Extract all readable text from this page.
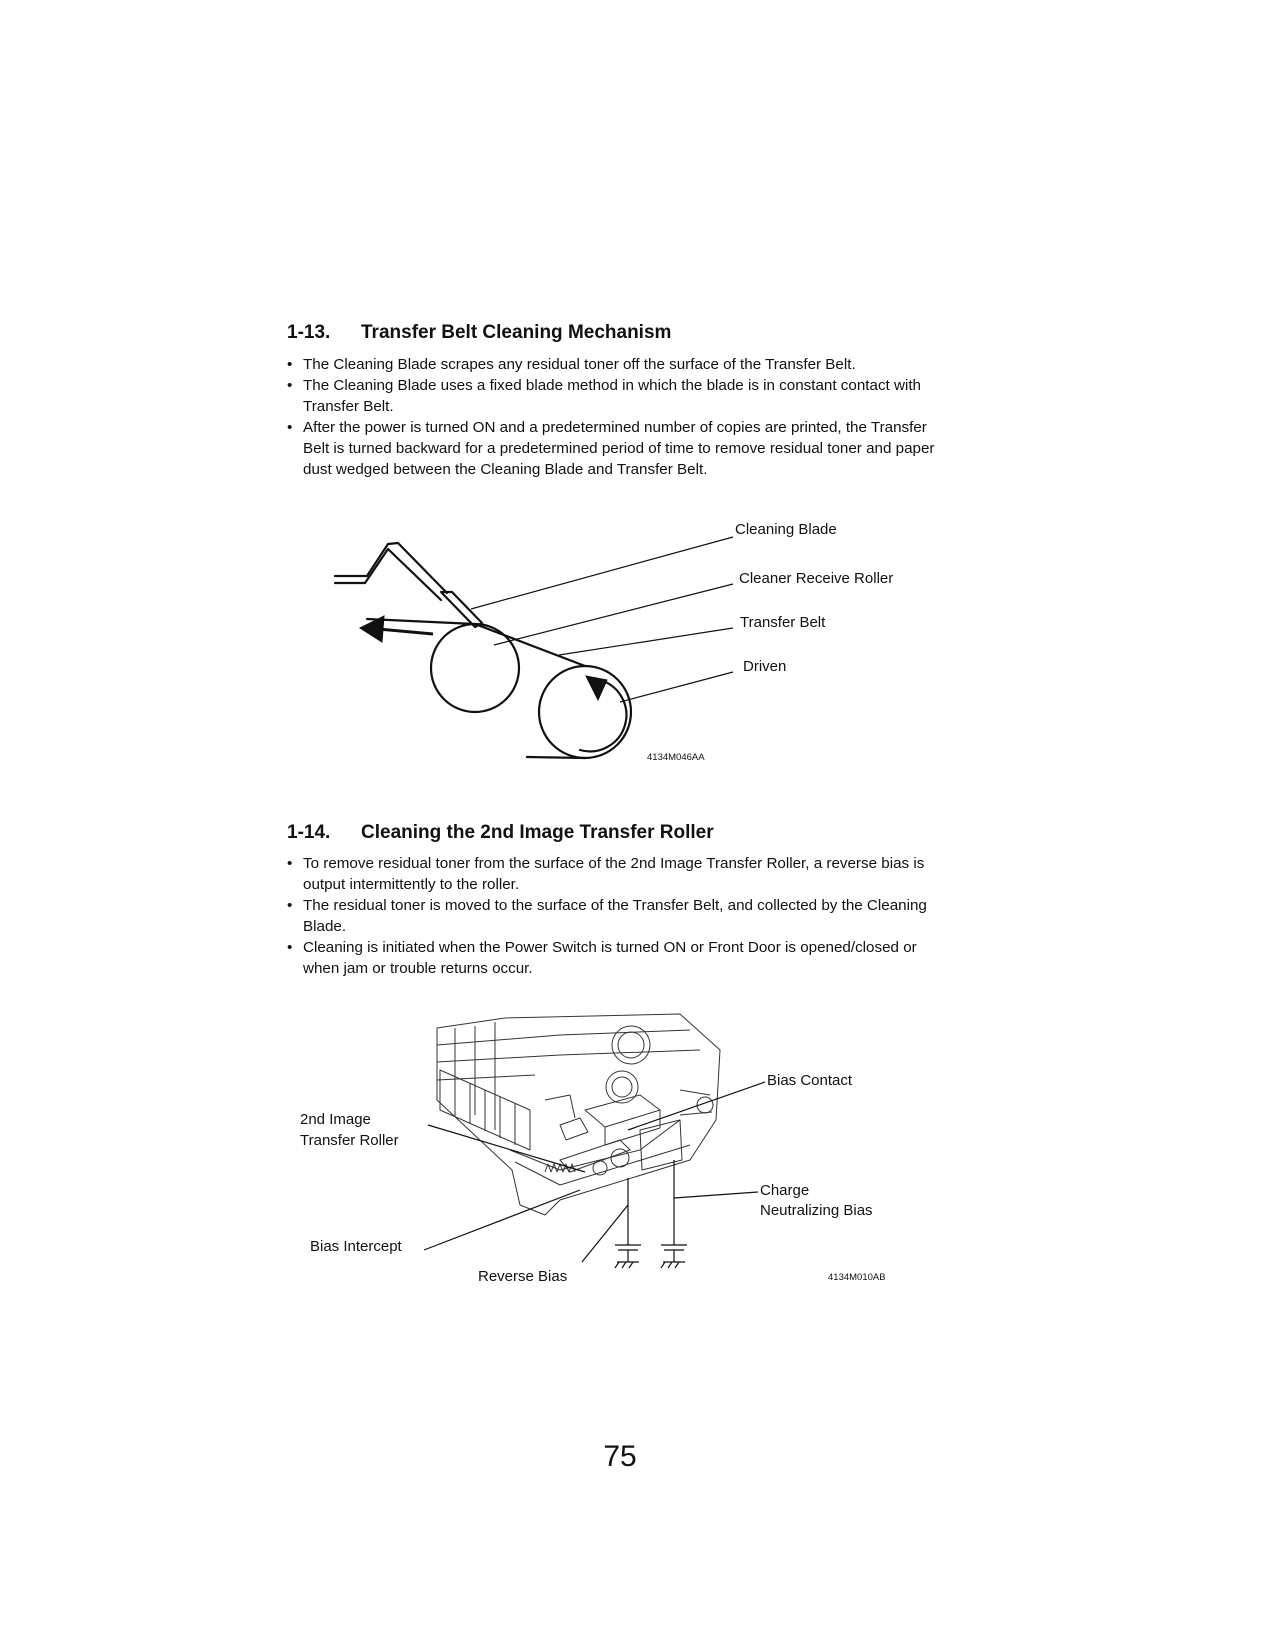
1-13. Transfer Belt Cleaning Mechanism
• The Cleaning Blade scrapes any residual toner off the surface of the Transfer Belt.
• The Cleaning Blade uses a fixed blade method in which the blade is in constant contact with Transfer Belt.
• After the power is turned ON and a predetermined number of copies are printed, the Transfer Belt is turned backward for a predetermined period of time to remove residual toner and paper dust wedged between the Cleaning Blade and Transfer Belt.
Cleaning Blade
Cleaner Receive Roller
Transfer Belt
Driven
4134M046AA
1-14. Cleaning the 2nd Image Transfer Roller
• To remove residual toner from the surface of the 2nd Image Transfer Roller, a reverse bias is output intermittently to the roller.
• The residual toner is moved to the surface of the Transfer Belt, and collected by the Cleaning Blade.
• Cleaning is initiated when the Power Switch is turned ON or Front Door is opened/closed or when jam or trouble returns occur.
Bias Contact
2nd Image
Transfer Roller
Charge
Neutralizing Bias
Bias Intercept
Reverse Bias	4134M010AB
75
